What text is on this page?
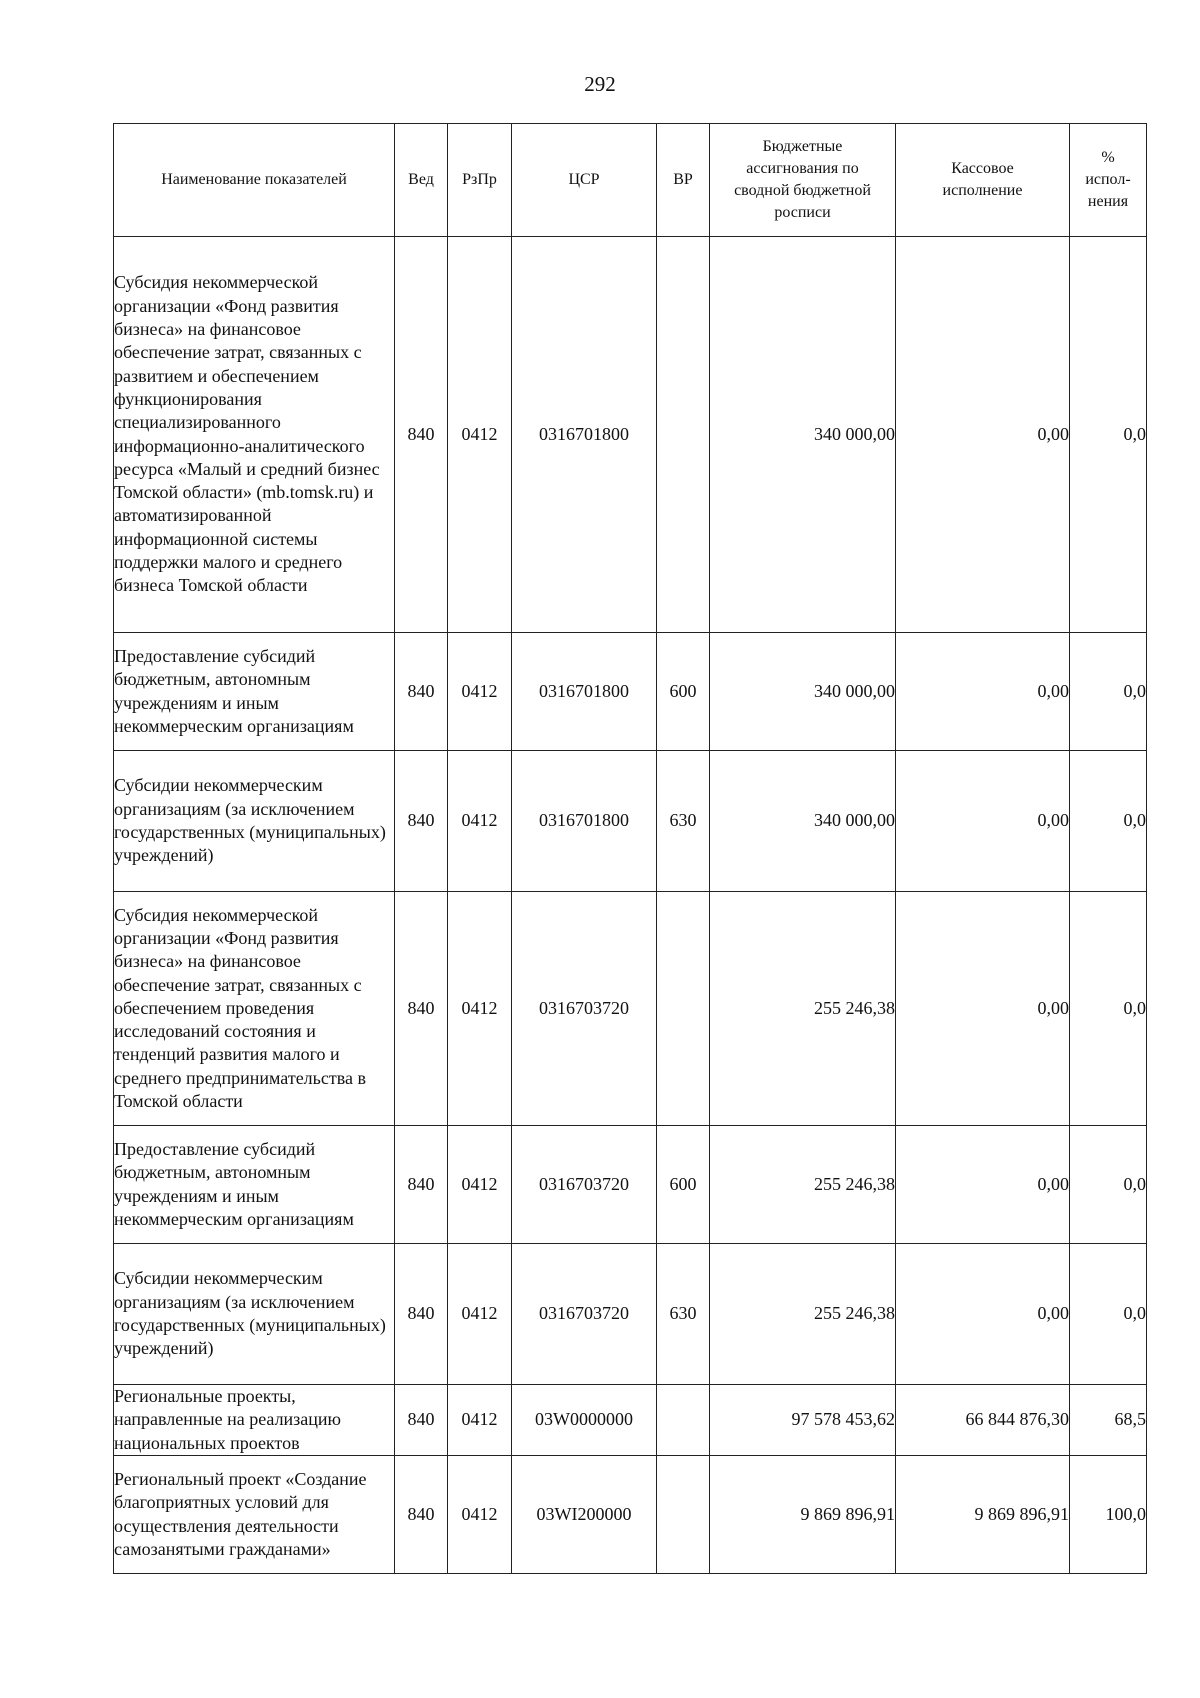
292
Наименование показателей	Вед	РзПр	ЦСР	ВР	Бюджетные ассигнования по сводной бюджетной росписи	Кассовое исполнение	% испол-нения
Субсидия некоммерческой организации «Фонд развития бизнеса» на финансовое обеспечение затрат, связанных с развитием и обеспечением функционирования специализированного информационно-аналитического ресурса «Малый и средний бизнес Томской области» (mb.tomsk.ru) и автоматизированной информационной системы поддержки малого и среднего бизнеса Томской области	840	0412	0316701800		340 000,00	0,00	0,0
Предоставление субсидий бюджетным, автономным учреждениям и иным некоммерческим организациям	840	0412	0316701800	600	340 000,00	0,00	0,0
Субсидии некоммерческим организациям (за исключением государственных (муниципальных) учреждений)	840	0412	0316701800	630	340 000,00	0,00	0,0
Субсидия некоммерческой организации «Фонд развития бизнеса» на финансовое обеспечение затрат, связанных с обеспечением проведения исследований состояния и тенденций развития малого и среднего предпринимательства в Томской области	840	0412	0316703720		255 246,38	0,00	0,0
Предоставление субсидий бюджетным, автономным учреждениям и иным некоммерческим организациям	840	0412	0316703720	600	255 246,38	0,00	0,0
Субсидии некоммерческим организациям (за исключением государственных (муниципальных) учреждений)	840	0412	0316703720	630	255 246,38	0,00	0,0
Региональные проекты, направленные на реализацию национальных проектов	840	0412	03W0000000		97 578 453,62	66 844 876,30	68,5
Региональный проект «Создание благоприятных условий для осуществления деятельности самозанятыми гражданами»	840	0412	03WI200000		9 869 896,91	9 869 896,91	100,0
